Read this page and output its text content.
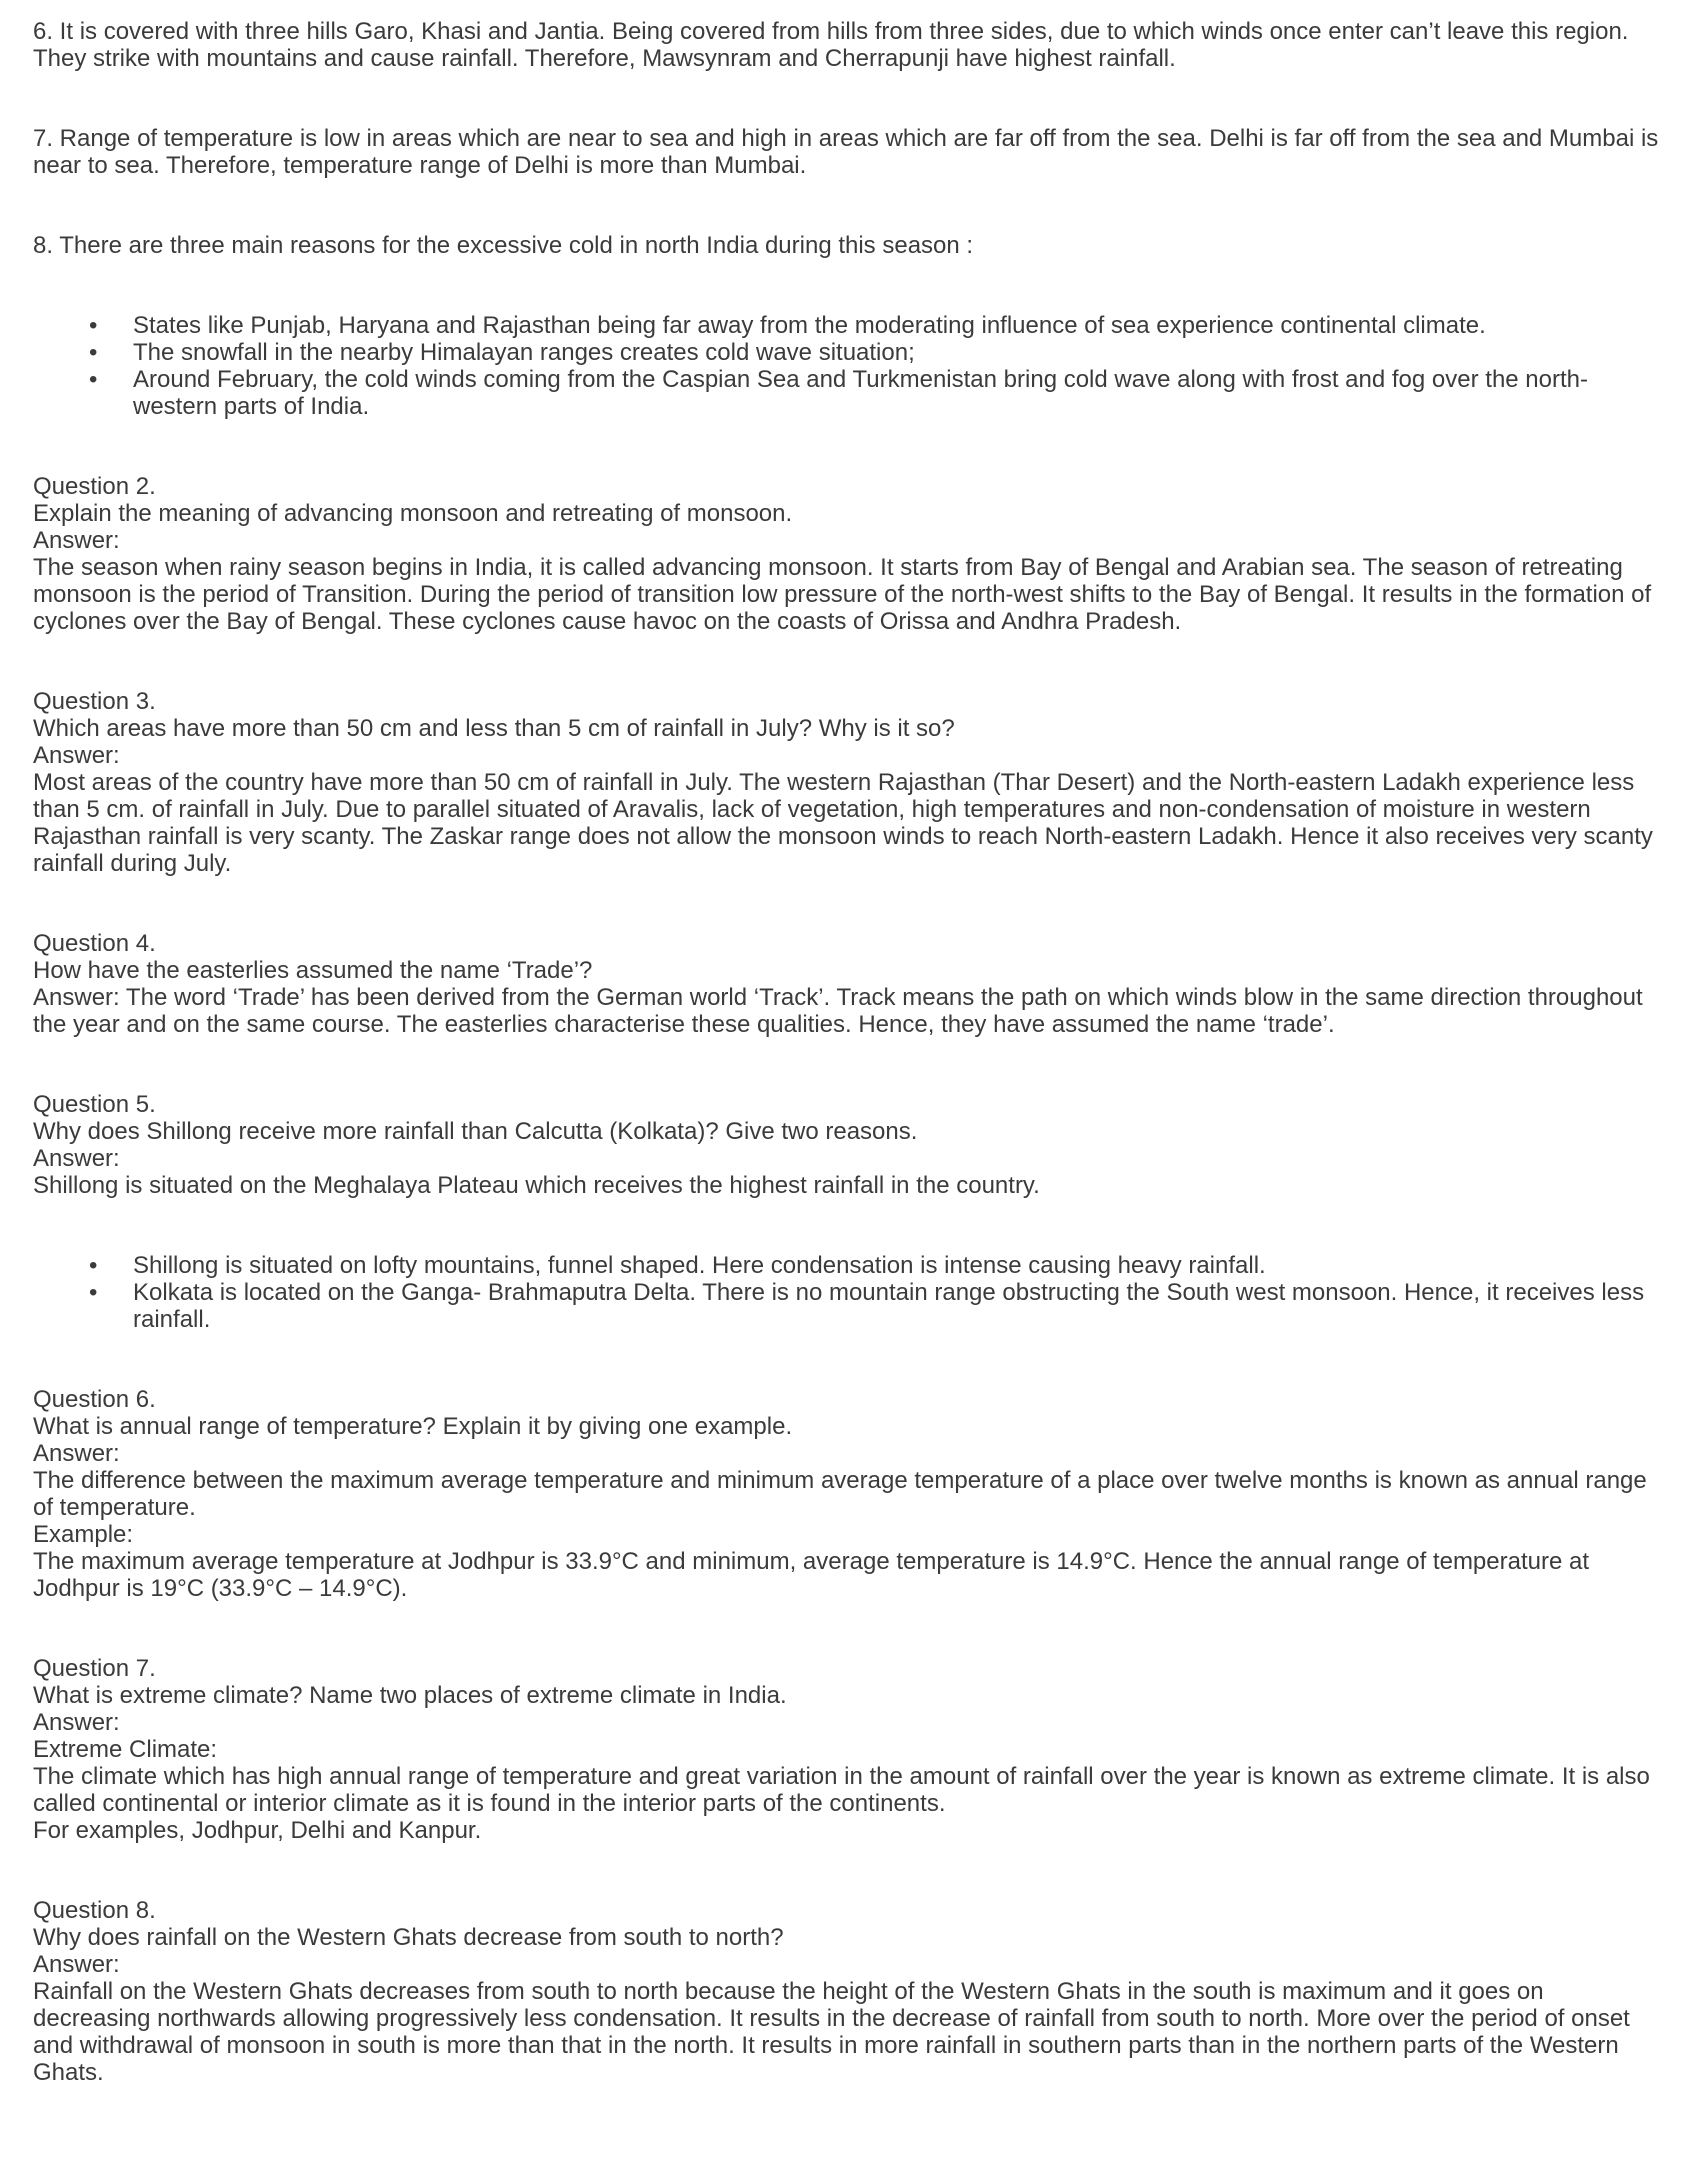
6. It is covered with three hills Garo, Khasi and Jantia. Being covered from hills from three sides, due to which winds once enter can’t leave this region. They strike with mountains and cause rainfall. Therefore, Mawsynram and Cherrapunji have highest rainfall.

7. Range of temperature is low in areas which are near to sea and high in areas which are far off from the sea. Delhi is far off from the sea and Mumbai is near to sea. Therefore, temperature range of Delhi is more than Mumbai.

8. There are three main reasons for the excessive cold in north India during this season :

• States like Punjab, Haryana and Rajasthan being far away from the moderating influence of sea experience continental climate.
• The snowfall in the nearby Himalayan ranges creates cold wave situation;
• Around February, the cold winds coming from the Caspian Sea and Turkmenistan bring cold wave along with frost and fog over the north-western parts of India.

Question 2.
Explain the meaning of advancing monsoon and retreating of monsoon.
Answer:
The season when rainy season begins in India, it is called advancing monsoon. It starts from Bay of Bengal and Arabian sea. The season of retreating monsoon is the period of Transition. During the period of transition low pressure of the north-west shifts to the Bay of Bengal. It results in the formation of cyclones over the Bay of Bengal. These cyclones cause havoc on the coasts of Orissa and Andhra Pradesh.

Question 3.
Which areas have more than 50 cm and less than 5 cm of rainfall in July? Why is it so?
Answer:
Most areas of the country have more than 50 cm of rainfall in July. The western Rajasthan (Thar Desert) and the North-eastern Ladakh experience less than 5 cm. of rainfall in July. Due to parallel situated of Aravalis, lack of vegetation, high temperatures and non-condensation of moisture in western Rajasthan rainfall is very scanty. The Zaskar range does not allow the monsoon winds to reach North-eastern Ladakh. Hence it also receives very scanty rainfall during July.

Question 4.
How have the easterlies assumed the name ‘Trade’?
Answer: The word ‘Trade’ has been derived from the German world ‘Track’. Track means the path on which winds blow in the same direction throughout the year and on the same course. The easterlies characterise these qualities. Hence, they have assumed the name ‘trade’.

Question 5.
Why does Shillong receive more rainfall than Calcutta (Kolkata)? Give two reasons.
Answer:
Shillong is situated on the Meghalaya Plateau which receives the highest rainfall in the country.

• Shillong is situated on lofty mountains, funnel shaped. Here condensation is intense causing heavy rainfall.
• Kolkata is located on the Ganga- Brahmaputra Delta. There is no mountain range obstructing the South west monsoon. Hence, it receives less rainfall.

Question 6.
What is annual range of temperature? Explain it by giving one example.
Answer:
The difference between the maximum average temperature and minimum average temperature of a place over twelve months is known as annual range of temperature.
Example:
The maximum average temperature at Jodhpur is 33.9°C and minimum, average temperature is 14.9°C. Hence the annual range of temperature at Jodhpur is 19°C (33.9°C – 14.9°C).

Question 7.
What is extreme climate? Name two places of extreme climate in India.
Answer:
Extreme Climate:
The climate which has high annual range of temperature and great variation in the amount of rainfall over the year is known as extreme climate. It is also called continental or interior climate as it is found in the interior parts of the continents.
For examples, Jodhpur, Delhi and Kanpur.

Question 8.
Why does rainfall on the Western Ghats decrease from south to north?
Answer:
Rainfall on the Western Ghats decreases from south to north because the height of the Western Ghats in the south is maximum and it goes on decreasing northwards allowing progressively less condensation. It results in the decrease of rainfall from south to north. More over the period of onset and withdrawal of monsoon in south is more than that in the north. It results in more rainfall in southern parts than in the northern parts of the Western Ghats.
